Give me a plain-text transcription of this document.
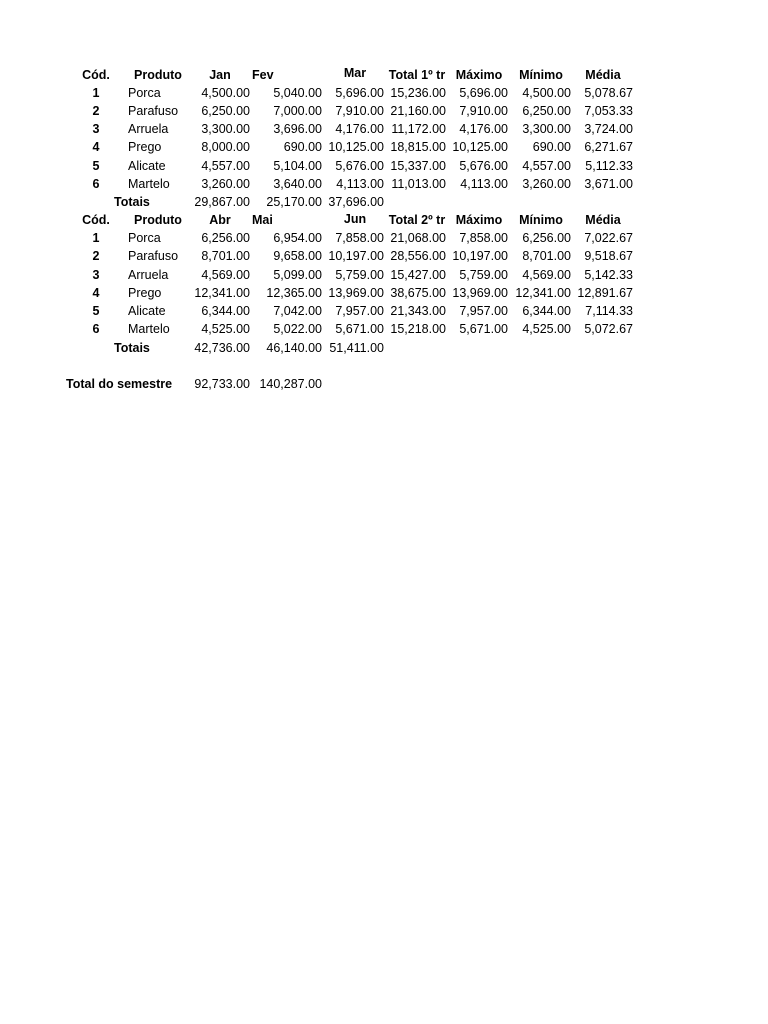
Cód.	Produto	Jan	Fev	Mar	Total 1º tr Máximo	Mínimo	Média
1	Porca	4,500.00	5,040.00	5,696.00 15,236.00	5,696.00	4,500.00	5,078.67
2	Parafuso	6,250.00	7,000.00	7,910.00 21,160.00	7,910.00	6,250.00	7,053.33
3	Arruela	3,300.00	3,696.00	4,176.00 11,172.00	4,176.00	3,300.00	3,724.00
4	Prego	8,000.00	690.00 10,125.00 18,815.00 10,125.00	690.00	6,271.67
5	Alicate	4,557.00	5,104.00	5,676.00 15,337.00	5,676.00	4,557.00	5,112.33
6	Martelo	3,260.00	3,640.00	4,113.00 11,013.00	4,113.00	3,260.00	3,671.00
Totais	29,867.00	25,170.00 37,696.00
Cód.	Produto	Abr	Mai	Jun	Total 2º tr Máximo	Mínimo	Média
1	Porca	6,256.00	6,954.00	7,858.00 21,068.00	7,858.00	6,256.00	7,022.67
2	Parafuso	8,701.00	9,658.00 10,197.00 28,556.00 10,197.00	8,701.00	9,518.67
3	Arruela	4,569.00	5,099.00	5,759.00 15,427.00	5,759.00	4,569.00	5,142.33
4	Prego	12,341.00	12,365.00 13,969.00 38,675.00 13,969.00 12,341.00 12,891.67
5	Alicate	6,344.00	7,042.00	7,957.00 21,343.00	7,957.00	6,344.00	7,114.33
6	Martelo	4,525.00	5,022.00	5,671.00 15,218.00	5,671.00	4,525.00	5,072.67
Totais	42,736.00	46,140.00 51,411.00
Total do semestre	92,733.00 140,287.00
